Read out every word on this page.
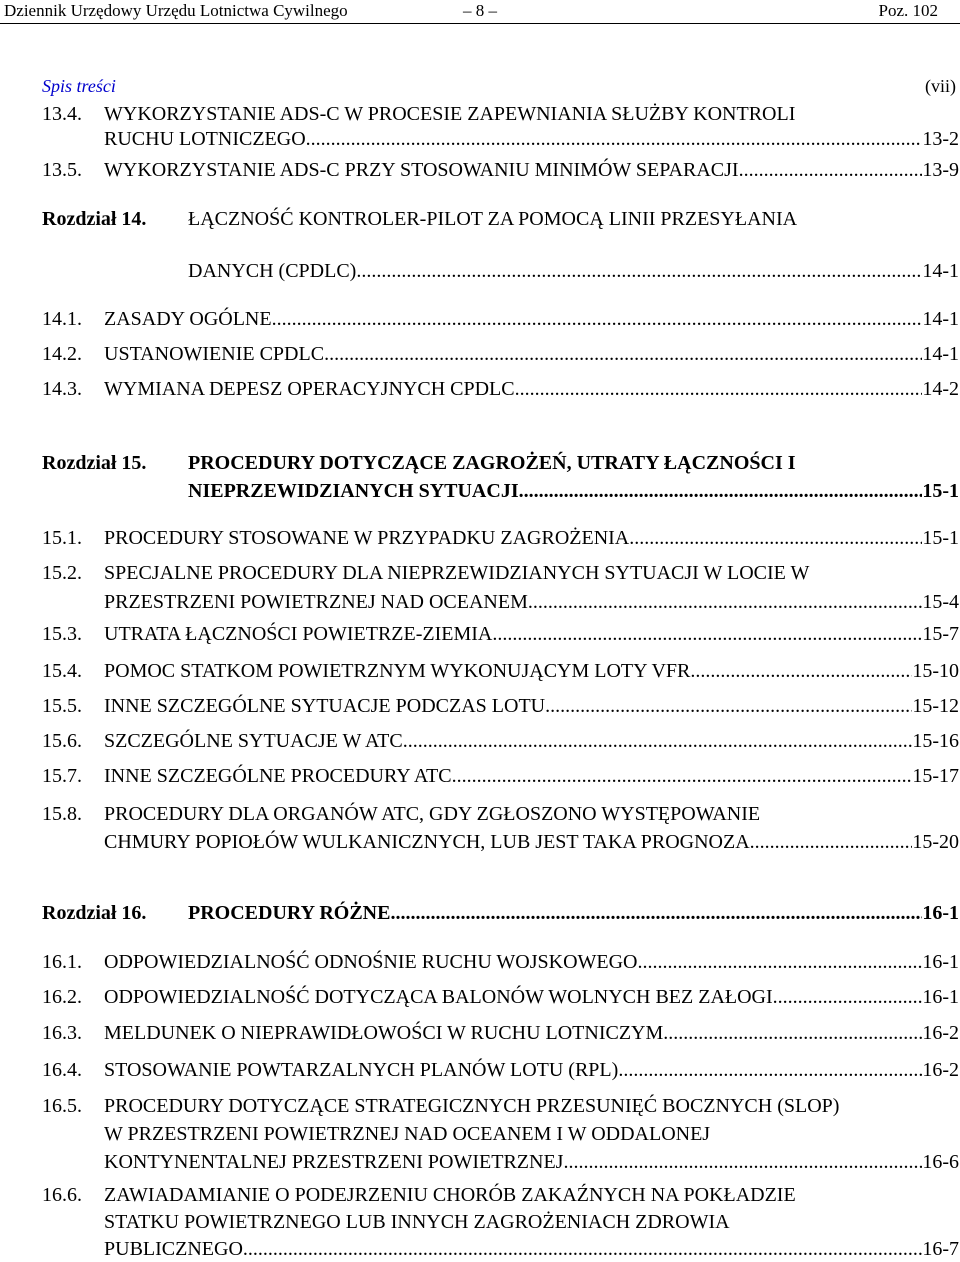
Dziennik Urzędowy Urzędu Lotnictwa Cywilnego	– 8 –	Poz. 102
Spis treści	(vii)
13.4. WYKORZYSTANIE ADS-C W PROCESIE ZAPEWNIANIA SŁUŻBY KONTROLI
RUCHU LOTNICZEGO .....	13-2
13.5. WYKORZYSTANIE ADS-C PRZY STOSOWANIU MINIMÓW SEPARACJI .....	13-9
Rozdział 14. ŁĄCZNOŚĆ KONTROLER-PILOT ZA POMOCĄ LINII PRZESYŁANIA
DANYCH (CPDLC) .....	14-1
14.1. ZASADY OGÓLNE .....	14-1
14.2. USTANOWIENIE CPDLC .....	14-1
14.3. WYMIANA DEPESZ OPERACYJNYCH CPDLC .....	14-2
Rozdział 15. PROCEDURY DOTYCZĄCE ZAGROŻEŃ, UTRATY ŁĄCZNOŚCI I
NIEPRZEWIDZIANYCH SYTUACJI .....	15-1
15.1. PROCEDURY STOSOWANE W PRZYPADKU ZAGROŻENIA .....	15-1
15.2. SPECJALNE PROCEDURY DLA NIEPRZEWIDZIANYCH SYTUACJI W LOCIE W
PRZESTRZENI POWIETRZNEJ NAD OCEANEM .....	15-4
15.3. UTRATA ŁĄCZNOŚCI POWIETRZE-ZIEMIA .....	15-7
15.4. POMOC STATKOM POWIETRZNYM WYKONUJĄCYM LOTY VFR .....	15-10
15.5. INNE SZCZEGÓLNE SYTUACJE PODCZAS LOTU .....	15-12
15.6. SZCZEGÓLNE SYTUACJE W ATC .....	15-16
15.7. INNE SZCZEGÓLNE PROCEDURY ATC .....	15-17
15.8. PROCEDURY DLA ORGANÓW ATC, GDY ZGŁOSZONO WYSTĘPOWANIE
CHMURY POPIOŁÓW WULKANICZNYCH, LUB JEST TAKA PROGNOZA .....	15-20
Rozdział 16. PROCEDURY RÓŻNE .....	16-1
16.1. ODPOWIEDZIALNOŚĆ ODNOŚNIE RUCHU WOJSKOWEGO .....	16-1
16.2. ODPOWIEDZIALNOŚĆ DOTYCZĄCA BALONÓW WOLNYCH BEZ ZAŁOGI .....	16-1
16.3. MELDUNEK O NIEPRAWIDŁOWOŚCI W RUCHU LOTNICZYM .....	16-2
16.4. STOSOWANIE POWTARZALNYCH PLANÓW LOTU (RPL) .....	16-2
16.5. PROCEDURY DOTYCZĄCE STRATEGICZNYCH PRZESUNIĘĆ BOCZNYCH (SLOP)
W PRZESTRZENI POWIETRZNEJ NAD OCEANEM I W ODDALONEJ
KONTYNENTALNEJ PRZESTRZENI POWIETRZNEJ .....	16-6
16.6. ZAWIADAMIANIE O PODEJRZENIU CHORÓB ZAKAŹNYCH NA POKŁADZIE
STATKU POWIETRZNEGO LUB INNYCH ZAGROŻENIACH ZDROWIA
PUBLICZNEGO .....	16-7
